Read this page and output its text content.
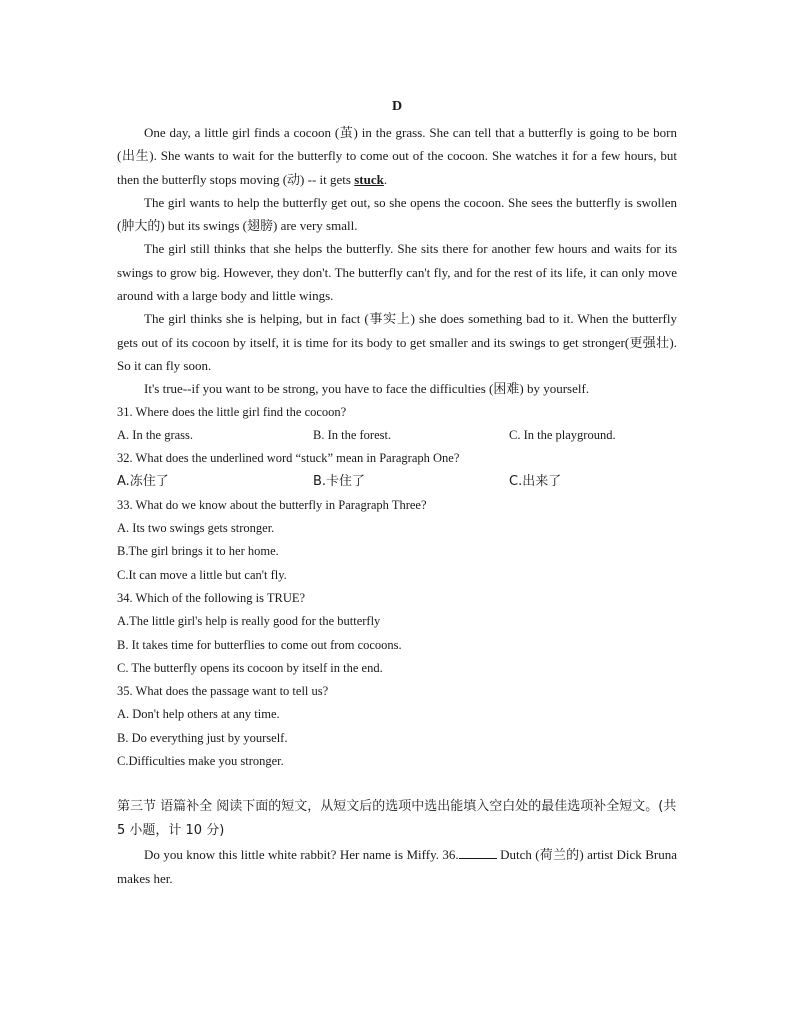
D

One day, a little girl finds a cocoon (茧) in the grass. She can tell that a butterfly is going to be born (出生). She wants to wait for the butterfly to come out of the cocoon. She watches it for a few hours, but then the butterfly stops moving (动) -- it gets stuck.

The girl wants to help the butterfly get out, so she opens the cocoon. She sees the butterfly is swollen (肿大的) but its swings (翅膀) are very small.

The girl still thinks that she helps the butterfly. She sits there for another few hours and waits for its swings to grow big. However, they don't. The butterfly can't fly, and for the rest of its life, it can only move around with a large body and little wings.

The girl thinks she is helping, but in fact (事实上) she does something bad to it. When the butterfly gets out of its cocoon by itself, it is time for its body to get smaller and its swings to get stronger(更强壮). So it can fly soon.

It's true--if you want to be strong, you have to face the difficulties (困难) by yourself.

31. Where does the little girl find the cocoon?

A. In the grass.	B. In the forest.	C. In the playground.

32. What does the underlined word “stuck” mean in Paragraph One?

A.冻住了	B.卡住了	C.出来了

33. What do we know about the butterfly in Paragraph Three?

A. Its two swings gets stronger.

B.The girl brings it to her home.

C.It can move a little but can't fly.

34. Which of the following is TRUE?

A.The little girl's help is really good for the butterfly

B. It takes time for butterflies to come out from cocoons.

C. The butterfly opens its cocoon by itself in the end.

35. What does the passage want to tell us?

A. Don't help others at any time.

B. Do everything just by yourself.

C.Difficulties make you stronger.

第三节 语篇补全 阅读下面的短文，从短文后的选项中选出能填入空白处的最佳选项补全短文。(共 5 小题，计 10 分)

Do you know this little white rabbit? Her name is Miffy. 36.	Dutch (荷兰的) artist Dick Bruna makes her.
